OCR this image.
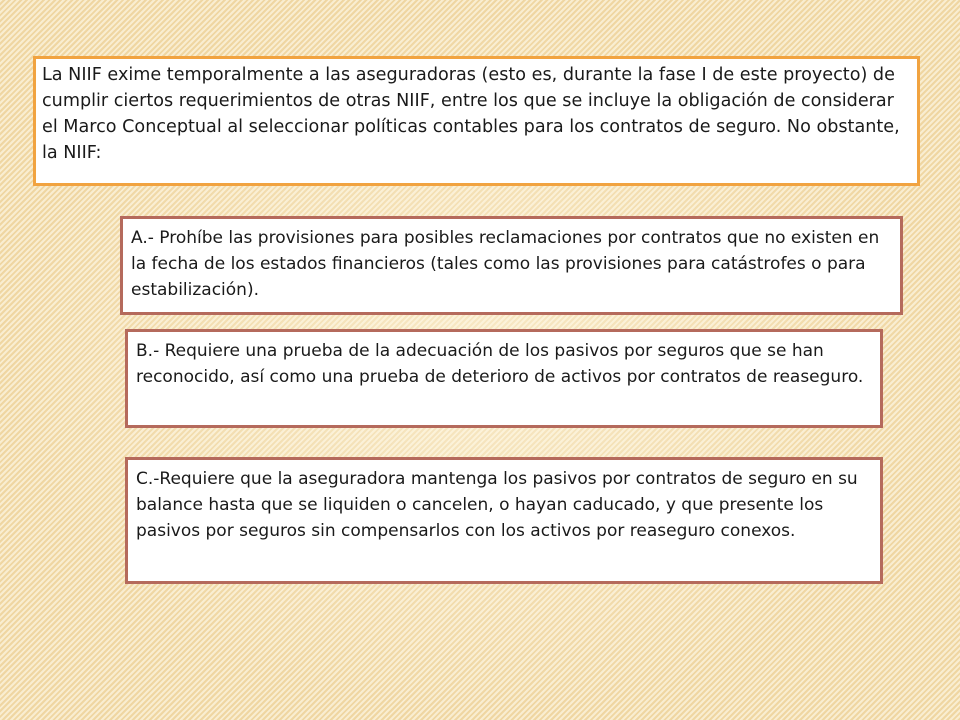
La NIIF exime temporalmente a las aseguradoras (esto es, durante la fase I de este proyecto) de cumplir ciertos requerimientos de otras NIIF, entre los que se incluye la obligación de considerar el Marco Conceptual al seleccionar políticas contables para los contratos de seguro. No obstante, la NIIF:

A.- Prohíbe las provisiones para posibles reclamaciones por contratos que no existen en la fecha de los estados financieros (tales como las provisiones para catástrofes o para estabilización).

B.- Requiere una prueba de la adecuación de los pasivos por seguros que se han reconocido, así como una prueba de deterioro de activos por contratos de reaseguro.

C.-Requiere que la aseguradora mantenga los pasivos por contratos de seguro en su balance hasta que se liquiden o cancelen, o hayan caducado, y que presente los pasivos por seguros sin compensarlos con los activos por reaseguro conexos.
